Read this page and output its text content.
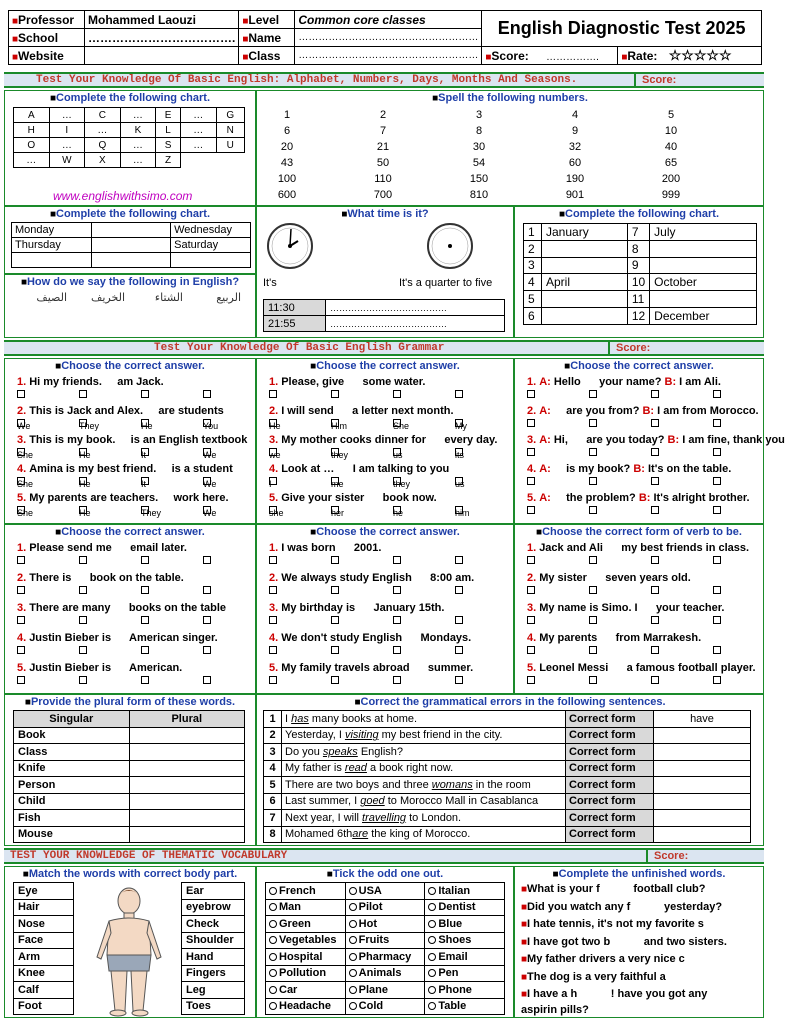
■Professor	Mohammed Laouzi	■Level	Common core classes	English Diagnostic Test 2025	
■School	……………………………….	■Name	………………………………………………		
■Website		■Class	………………………………………………	■Score: …………….	■Rate: ☆☆☆☆☆
Test Your Knowledge Of Basic English: Alphabet, Numbers, Days, Months And Seasons.	Score:
■Complete the following chart.
A	…	C	…	E	…	G
H	I	…	K	L	…	N
O	…	Q	…	S	…	U
…	W	X	…	Z		
www.englishwithsimo.com
■Spell the following numbers.
1	2	3	4	5
6	7	8	9	10
20	21	30	32	40
43	50	54	60	65
100	110	150	190	200
600	700	810	901	999
■Complete the following chart.
Monday		Wednesday
Thursday		Saturday

■How do we say the following in English?
الربيع
الشتاء
الخريف
الصيف
■What time is it?
It's	It's a quarter to five
11:30	…………………………………
21:55	…………………………………
■Complete the following chart.
1	January	7	July
2		8	
3		9	
4	April	10	October
5		11	
6		12	December
Test Your Knowledge Of Basic English Grammar	Score:
■Choose the correct answer.
1. Hi my friends.     am Jack.
2. This is Jack and Alex.     are students
We	They	He	You
3. This is my book.     is an English textbook
She	He	It	We
4. Amina is my best friend.     is a student
She	He	It	We
5. My parents are teachers.     work here.
She	He	They	We
■Choose the correct answer.
1. Please, give      some water.
2. I will send      a letter next month.
He	Him	She	My
3. My mother cooks dinner for      every day.
we	they	us	its
4. Look at …      I am talking to you
I	me	they	us
5. Give your sister      book now.
she	her	he	him
■Choose the correct answer.
1. A: Hello      your name? B: I am Ali.
2. A:     are you from? B: I am from Morocco.
3. A: Hi,      are you today? B: I am fine, thank you
4. A:     is my book? B: It's on the table.
5. A:     the problem? B: It's alright brother.
■Choose the correct answer.
1. Please send me      email later.
2. There is      book on the table.
3. There are many      books on the table
4. Justin Bieber is      American singer.
5. Justin Bieber is      American.
■Choose the correct answer.
1. I was born      2001.
2. We always study English      8:00 am.
3. My birthday is      January 15th.
4. We don't study English      Mondays.
5. My family travels abroad      summer.
■Choose the correct form of verb to be.
1. Jack and Ali      my best friends in class.
2. My sister      seven years old.
3. My name is Simo. I      your teacher.
4. My parents      from Marrakesh.
5. Leonel Messi      a famous football player.
■Provide the plural form of these words.
Singular	Plural
Book	
Class	
Knife	
Person	
Child	
Fish	
Mouse	
■Correct the grammatical errors in the following sentences.
1	I has many books at home.	Correct form	have
2	Yesterday, I visiting my best friend in the city.	Correct form	
3	Do you speaks English?	Correct form	
4	My father is read a book right now.	Correct form	
5	There are two boys and three womans in the room	Correct form	
6	Last summer, I goed to Morocco Mall in Casablanca	Correct form	
7	Next year, I will travelling to London.	Correct form	
8	Mohamed 6thare the king of Morocco.	Correct form	
TEST YOUR KNOWLEDGE OF THEMATIC VOCABULARY	Score:
■Match the words with correct body part.
Eye		Ear
Hair		eyebrow
Nose		Check
Face		Shoulder
Arm		Hand
Knee		Fingers
Calf		Leg
Foot		Toes
■Tick the odd one out.
French	USA	Italian
Man	Pilot	Dentist
Green	Hot	Blue
Vegetables	Fruits	Shoes
Hospital	Pharmacy	Email
Pollution	Animals	Pen
Car	Plane	Phone
Headache	Cold	Table
■Complete the unfinished words.
■What is your f           football club?
■Did you watch any f           yesterday?
■I hate tennis, it's not my favorite s
■I have got two b           and two sisters.
■My father drivers a very nice c
■The dog is a very faithful a
■I have a h           ! have you got any
aspirin pills?
